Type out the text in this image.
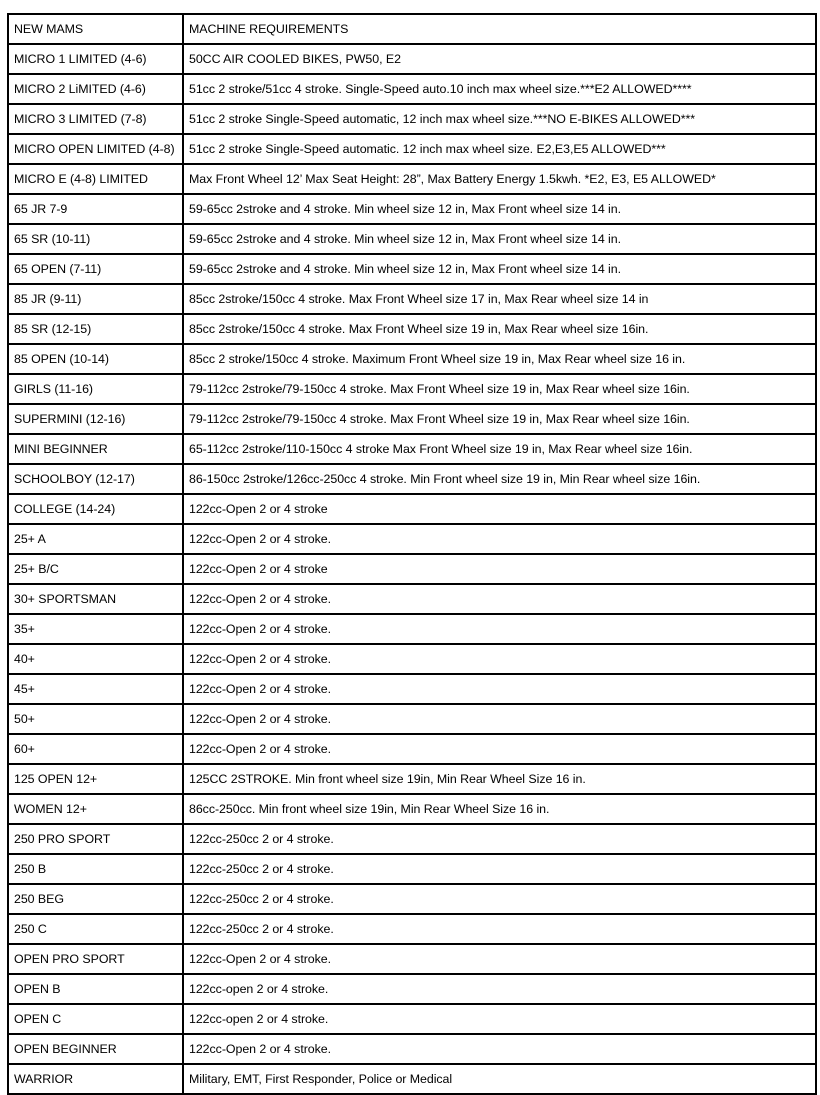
NEW MAMS	MACHINE REQUIREMENTS
MICRO 1 LIMITED (4-6)	50CC AIR COOLED BIKES, PW50, E2
MICRO 2 LiMITED (4-6)	51cc 2 stroke/51cc 4 stroke. Single-Speed auto.10 inch max wheel size.***E2 ALLOWED****
MICRO 3 LIMITED (7-8)	51cc 2 stroke Single-Speed automatic, 12 inch max wheel size.***NO E-BIKES ALLOWED***
MICRO OPEN LIMITED (4-8)	51cc 2 stroke Single-Speed automatic. 12 inch max wheel size. E2,E3,E5 ALLOWED***
MICRO E (4-8) LIMITED	Max Front Wheel 12’ Max Seat Height: 28”, Max Battery Energy 1.5kwh. *E2, E3, E5 ALLOWED*
65 JR 7-9	59-65cc 2stroke and 4 stroke. Min wheel size 12 in, Max Front wheel size 14 in.
65 SR (10-11)	59-65cc 2stroke and 4 stroke. Min wheel size 12 in, Max Front wheel size 14 in.
65 OPEN (7-11)	59-65cc 2stroke and 4 stroke. Min wheel size 12 in, Max Front wheel size 14 in.
85 JR (9-11)	85cc 2stroke/150cc 4 stroke. Max Front Wheel size 17 in, Max Rear wheel size 14 in
85 SR (12-15)	85cc 2stroke/150cc 4 stroke. Max Front Wheel size 19 in, Max Rear wheel size 16in.
85 OPEN (10-14)	85cc 2 stroke/150cc 4 stroke. Maximum Front Wheel size 19 in, Max Rear wheel size 16 in.
GIRLS (11-16)	79-112cc 2stroke/79-150cc 4 stroke. Max Front Wheel size 19 in, Max Rear wheel size 16in.
SUPERMINI (12-16)	79-112cc 2stroke/79-150cc 4 stroke. Max Front Wheel size 19 in, Max Rear wheel size 16in.
MINI BEGINNER	65-112cc 2stroke/110-150cc 4 stroke Max Front Wheel size 19 in, Max Rear wheel size 16in.
SCHOOLBOY (12-17)	86-150cc 2stroke/126cc-250cc 4 stroke. Min Front wheel size 19 in, Min Rear wheel size 16in.
COLLEGE (14-24)	122cc-Open 2 or 4 stroke
25+ A	122cc-Open 2 or 4 stroke.
25+ B/C	122cc-Open 2 or 4 stroke
30+ SPORTSMAN	122cc-Open 2 or 4 stroke.
35+	122cc-Open 2 or 4 stroke.
40+	122cc-Open 2 or 4 stroke.
45+	122cc-Open 2 or 4 stroke.
50+	122cc-Open 2 or 4 stroke.
60+	122cc-Open 2 or 4 stroke.
125 OPEN 12+	125CC 2STROKE. Min front wheel size 19in, Min Rear Wheel Size 16 in.
WOMEN 12+	86cc-250cc. Min front wheel size 19in, Min Rear Wheel Size 16 in.
250 PRO SPORT	122cc-250cc 2 or 4 stroke.
250 B	122cc-250cc 2 or 4 stroke.
250 BEG	122cc-250cc 2 or 4 stroke.
250 C	122cc-250cc 2 or 4 stroke.
OPEN PRO SPORT	122cc-Open 2 or 4 stroke.
OPEN B	122cc-open 2 or 4 stroke.
OPEN C	122cc-open 2 or 4 stroke.
OPEN BEGINNER	122cc-Open 2 or 4 stroke.
WARRIOR	Military, EMT, First Responder, Police or Medical
